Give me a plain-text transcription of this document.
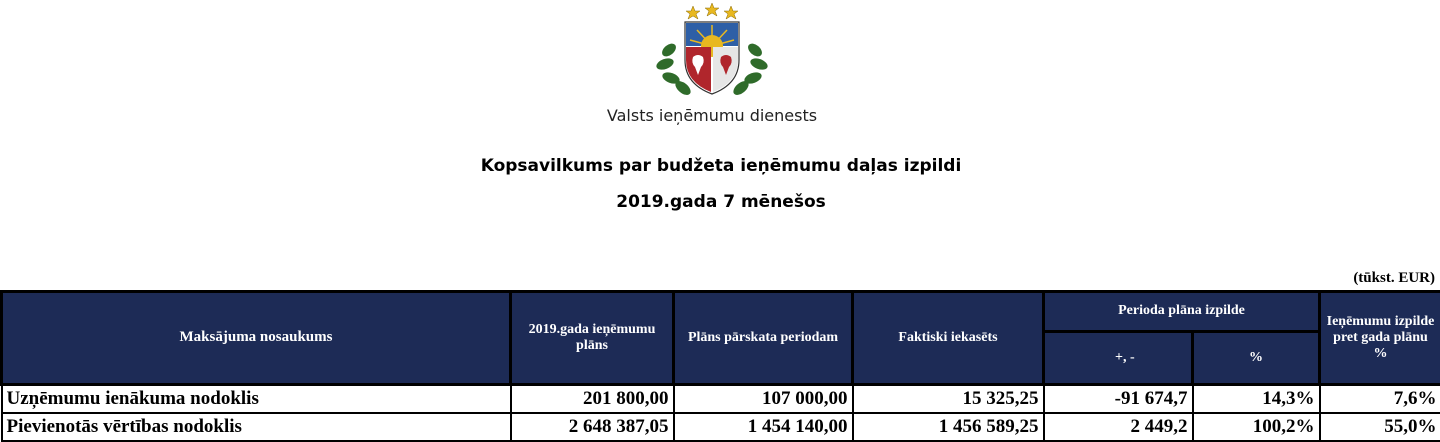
Valsts ieņēmumu dienests
Kopsavilkums par budžeta ieņēmumu daļas izpildi
2019.gada 7 mēnešos
(tūkst. EUR)
Maksājuma nosaukums	2019.gada ieņēmumu plāns	Plāns pārskata periodam	Faktiski iekasēts	Perioda plāna izpilde		Ieņēmumu izpilde pret gada plānu %
				+, -	%	
Uzņēmumu ienākuma nodoklis	201 800,00	107 000,00	15 325,25	-91 674,7	14,3%	7,6%
Pievienotās vērtības nodoklis	2 648 387,05	1 454 140,00	1 456 589,25	2 449,2	100,2%	55,0%
